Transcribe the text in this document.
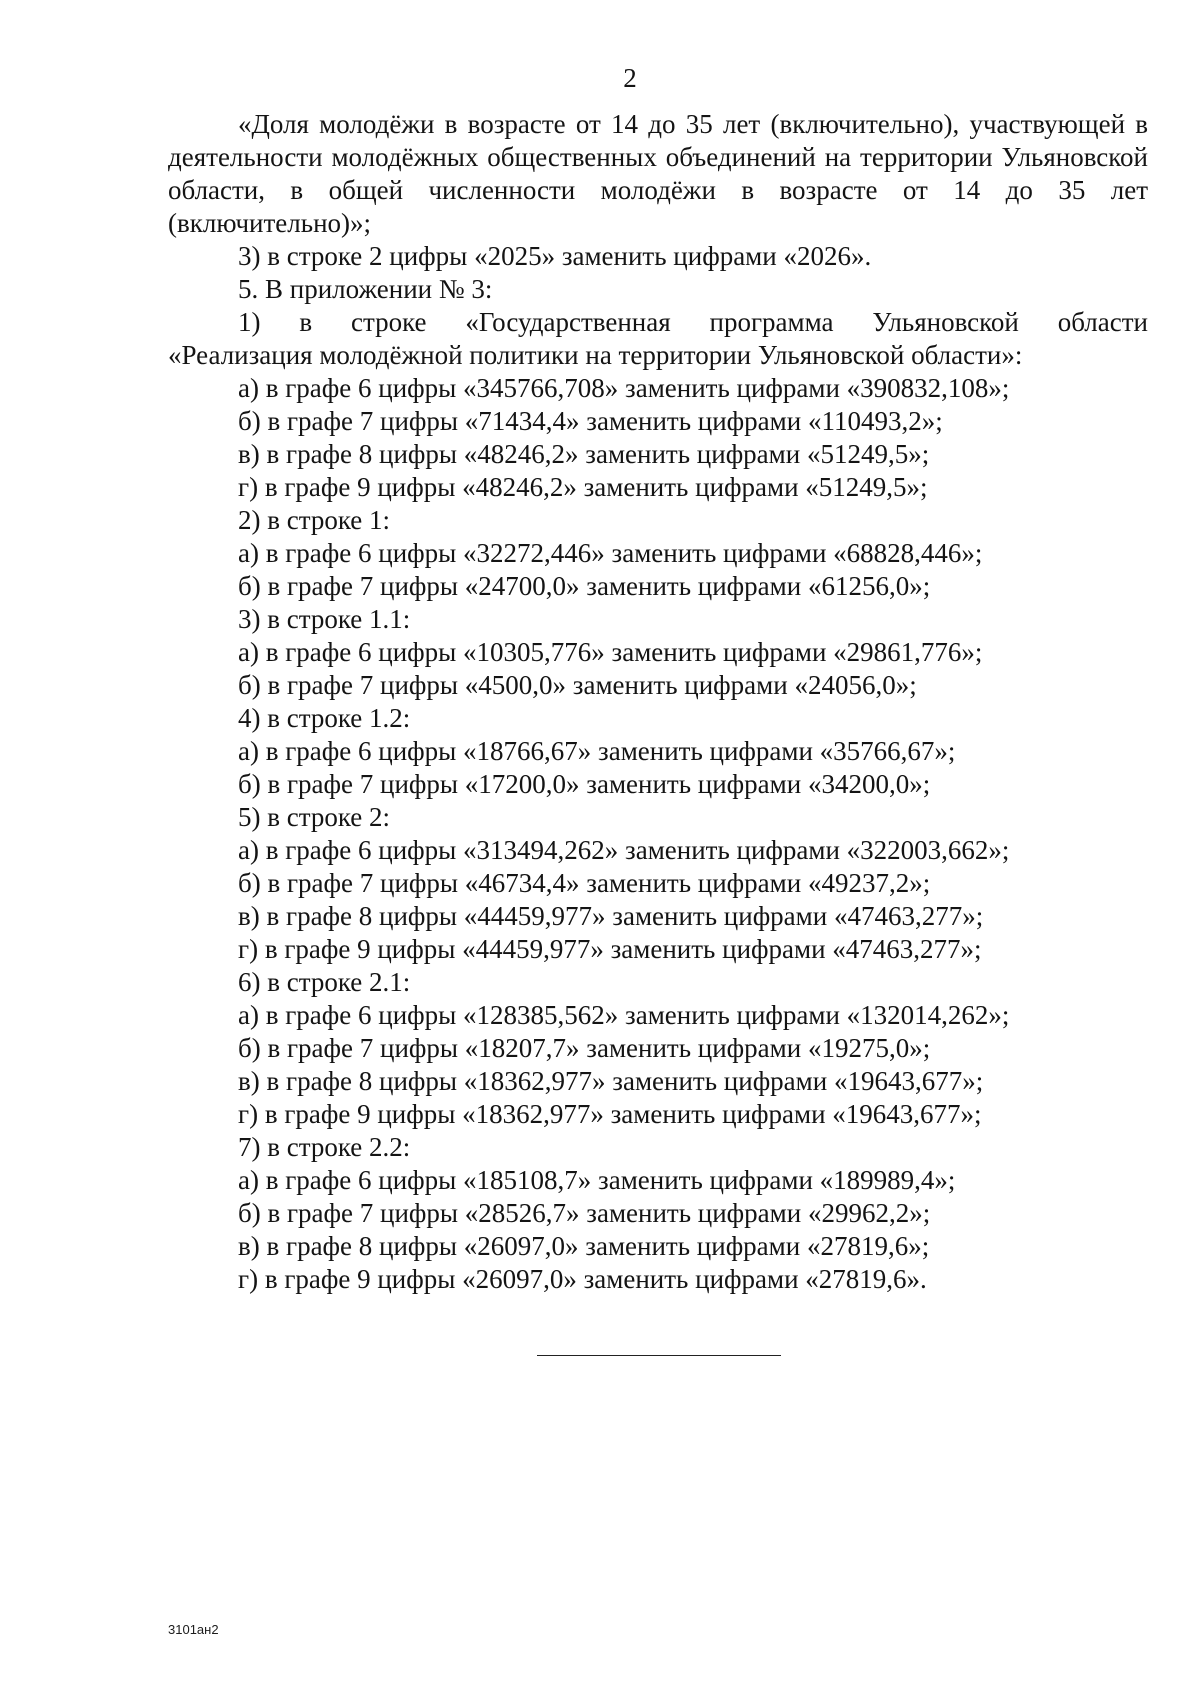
2

«Доля молодёжи в возрасте от 14 до 35 лет (включительно), участвующей в деятельности молодёжных общественных объединений на территории Ульяновской области, в общей численности молодёжи в возрасте от 14 до 35 лет (включительно)»;

3) в строке 2 цифры «2025» заменить цифрами «2026».

5. В приложении № 3:

1) в строке «Государственная программа Ульяновской области

«Реализация молодёжной политики на территории Ульяновской области»:

а) в графе 6 цифры «345766,708» заменить цифрами «390832,108»;

б) в графе 7 цифры «71434,4» заменить цифрами «110493,2»;

в) в графе 8 цифры «48246,2» заменить цифрами «51249,5»;

г) в графе 9 цифры «48246,2» заменить цифрами «51249,5»;

2) в строке 1:

а) в графе 6 цифры «32272,446» заменить цифрами «68828,446»;

б) в графе 7 цифры «24700,0» заменить цифрами «61256,0»;

3) в строке 1.1:

а) в графе 6 цифры «10305,776» заменить цифрами «29861,776»;

б) в графе 7 цифры «4500,0» заменить цифрами «24056,0»;

4) в строке 1.2:

а) в графе 6 цифры «18766,67» заменить цифрами «35766,67»;

б) в графе 7 цифры «17200,0» заменить цифрами «34200,0»;

5) в строке 2:

а) в графе 6 цифры «313494,262» заменить цифрами «322003,662»;

б) в графе 7 цифры «46734,4» заменить цифрами «49237,2»;

в) в графе 8 цифры «44459,977» заменить цифрами «47463,277»;

г) в графе 9 цифры «44459,977» заменить цифрами «47463,277»;

6) в строке 2.1:

а) в графе 6 цифры «128385,562» заменить цифрами «132014,262»;

б) в графе 7 цифры «18207,7» заменить цифрами «19275,0»;

в) в графе 8 цифры «18362,977» заменить цифрами «19643,677»;

г) в графе 9 цифры «18362,977» заменить цифрами «19643,677»;

7) в строке 2.2:

а) в графе 6 цифры «185108,7» заменить цифрами «189989,4»;

б) в графе 7 цифры «28526,7» заменить цифрами «29962,2»;

в) в графе 8 цифры «26097,0» заменить цифрами «27819,6»;

г) в графе 9 цифры «26097,0» заменить цифрами «27819,6».

3101ан2
